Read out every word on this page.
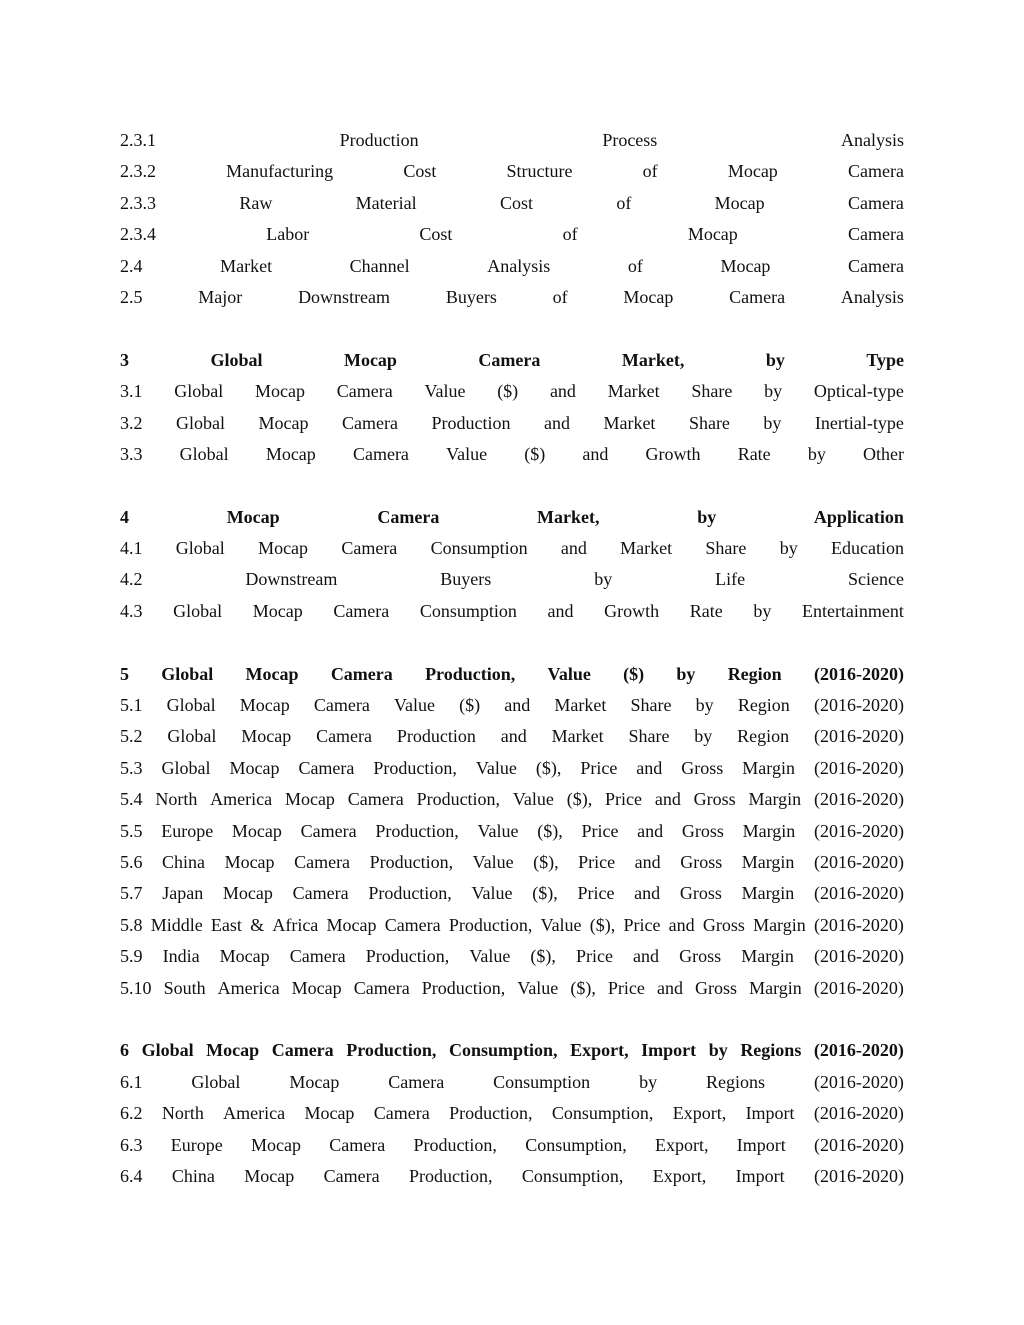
2.3.1	Production	Process	Analysis
2.3.2	Manufacturing	Cost	Structure	of	Mocap	Camera
2.3.3	Raw	Material	Cost	of	Mocap	Camera
2.3.4	Labor	Cost	of	Mocap	Camera
2.4	Market	Channel	Analysis	of	Mocap	Camera
2.5	Major	Downstream	Buyers	of	Mocap	Camera	Analysis
3	Global	Mocap	Camera	Market,	by	Type
3.1 Global Mocap Camera Value ($) and Market Share by Optical-type
3.2 Global Mocap Camera Production and Market Share by Inertial-type
3.3 Global Mocap Camera Value ($) and Growth Rate by Other
4	Mocap	Camera	Market,	by	Application
4.1 Global Mocap Camera Consumption and Market Share by Education
4.2	Downstream	Buyers	by	Life	Science
4.3 Global Mocap Camera Consumption and Growth Rate by Entertainment
5 Global Mocap Camera Production, Value ($) by Region (2016-2020)
5.1 Global Mocap Camera Value ($) and Market Share by Region (2016-2020)
5.2 Global Mocap Camera Production and Market Share by Region (2016-2020)
5.3 Global Mocap Camera Production, Value ($), Price and Gross Margin (2016-2020)
5.4 North America Mocap Camera Production, Value ($), Price and Gross Margin (2016-2020)
5.5 Europe Mocap Camera Production, Value ($), Price and Gross Margin (2016-2020)
5.6 China Mocap Camera Production, Value ($), Price and Gross Margin (2016-2020)
5.7 Japan Mocap Camera Production, Value ($), Price and Gross Margin (2016-2020)
5.8 Middle East & Africa Mocap Camera Production, Value ($), Price and Gross Margin (2016-2020)
5.9 India Mocap Camera Production, Value ($), Price and Gross Margin (2016-2020)
5.10 South America Mocap Camera Production, Value ($), Price and Gross Margin (2016-2020)
6 Global Mocap Camera Production, Consumption, Export, Import by Regions (2016-2020)
6.1	Global	Mocap	Camera	Consumption	by	Regions	(2016-2020)
6.2 North America Mocap Camera Production, Consumption, Export, Import (2016-2020)
6.3 Europe Mocap Camera Production, Consumption, Export, Import (2016-2020)
6.4 China Mocap Camera Production, Consumption, Export, Import (2016-2020)
